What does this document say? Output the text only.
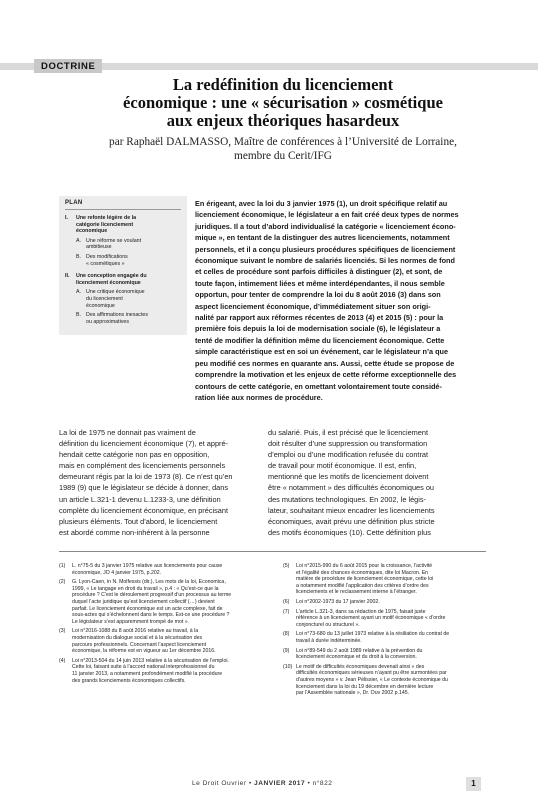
DOCTRINE
La redéfinition du licenciement
économique : une « sécurisation » cosmétique
aux enjeux théoriques hasardeux
par Raphaël DALMASSO, Maître de conférences à l’Université de Lorraine,
membre du Cerit/IFG
PLAN
I.	Une refonte légère de la
catégorie licenciement
économique
A. Une réforme se voulant
ambitieuse
B. Des modifications
« cosmétiques »
II.	Une conception engagée du
licenciement économique
A. Une critique économique
du licenciement
économique
B. Des affirmations inexactes
ou approximatives
En érigeant, avec la loi du 3 janvier 1975 (1), un droit spécifique relatif au
licenciement économique, le législateur a en fait créé deux types de normes
juridiques. Il a tout d’abord individualisé la catégorie « licenciement écono-
mique », en tentant de la distinguer des autres licenciements, notamment
personnels, et il a conçu plusieurs procédures spécifiques de licenciement
économique suivant le nombre de salariés licenciés. Si les normes de fond
et celles de procédure sont parfois difficiles à distinguer (2), et sont, de
toute façon, intimement liées et même interdépendantes, il nous semble
opportun, pour tenter de comprendre la loi du 8 août 2016 (3) dans son
aspect licenciement économique, d’immédiatement situer son origi-
nalité par rapport aux réformes récentes de 2013 (4) et 2015 (5) : pour la
première fois depuis la loi de modernisation sociale (6), le législateur a
tenté de modifier la définition même du licenciement économique. Cette
simple caractéristique est en soi un événement, car le législateur n’a que
peu modifié ces normes en quarante ans. Aussi, cette étude se propose de
comprendre la motivation et les enjeux de cette réforme exceptionnelle des
contours de cette catégorie, en omettant volontairement toute considé-
ration liée aux normes de procédure.
La loi de 1975 ne donnait pas vraiment de
définition du licenciement économique (7), et appré-
hendait cette catégorie non pas en opposition,
mais en complément des licenciements personnels
demeurant régis par la loi de 1973 (8). Ce n’est qu’en
1989 (9) que le législateur se décide à donner, dans
un article L.321-1 devenu L.1233-3, une définition
complète du licenciement économique, en précisant
plusieurs éléments. Tout d’abord, le licenciement
est abordé comme non-inhérent à la personne
du salarié. Puis, il est précisé que le licenciement
doit résulter d’une suppression ou transformation
d’emploi ou d’une modification refusée du contrat
de travail pour motif économique. Il est, enfin,
mentionné que les motifs de licenciement doivent
être « notamment » des difficultés économiques ou
des mutations technologiques. En 2002, le légis-
lateur, souhaitant mieux encadrer les licenciements
économiques, avait prévu une définition plus stricte
des motifs économiques (10). Cette définition plus
(1)	L. n°75-5 du 3 janvier 1975 relative aux licenciements pour cause
économique, JO 4 janvier 1975, p.202.
(2)	G. Lyon-Caen, in N. Molfessis (dir.), Les mots de la loi, Economica,
1999, « Le langage en droit du travail », p.4 : « Qu’est-ce que la
procédure ? C’est le déroulement progressif d’un processus au terme
duquel l’acte juridique qu’est licenciement collectif (…) devient
parfait. Le licenciement économique est un acte complexe, fait de
sous-actes qui s’échelonnent dans le temps. Est-ce une procédure ?
Le législateur s’est apparemment trompé de mot ».
(3)	Loi n°2016-1088 du 8 août 2016 relative au travail, à la
modernisation du dialogue social et à la sécurisation des
parcours professionnels. Concernant l’aspect licenciement
économique, la réforme est en vigueur au 1er décembre 2016.
(4)	Loi n°2013-504 du 14 juin 2013 relative à la sécurisation de l’emploi.
Cette loi, faisant suite à l’accord national interprofessionnel du
11 janvier 2013, a notamment profondément modifié la procédure
des grands licenciements économiques collectifs.
(5)	Loi n°2015-990 du 6 août 2015 pour la croissance, l’activité
et l’égalité des chances économiques, dite loi Macron. En
matière de procédure de licenciement économique, cette loi
a notamment modifié l’application des critères d’ordre des
licenciements et le reclassement interne à l’étranger.
(6)	Loi n°2002-1973 du 17 janvier 2002.
(7)	L’article L.321-3, dans sa rédaction de 1975, faisait juste
référence à un licenciement ayant un motif économique « d’ordre
conjoncturel ou structurel ».
(8)	Loi n°73-680 du 13 juillet 1973 relative à la résiliation du contrat de
travail à durée indéterminée.
(9)	Loi n°89-549 du 2 août 1989 relative à la prévention du
licenciement économique et du droit à la conversion.
(10) Le motif de difficultés économiques devenait ainsi « des
difficultés économiques sérieuses n’ayant pu être surmontées par
d’autres moyens » v. Jean Pélissier, « Le contexte économique du
licenciement dans la loi du 19 décembre en dernière lecture
par l’Assemblée nationale », Dr. Ouv 2002 p.145.
Le Droit Ouvrier • JANVIER 2017 • n°822	1
